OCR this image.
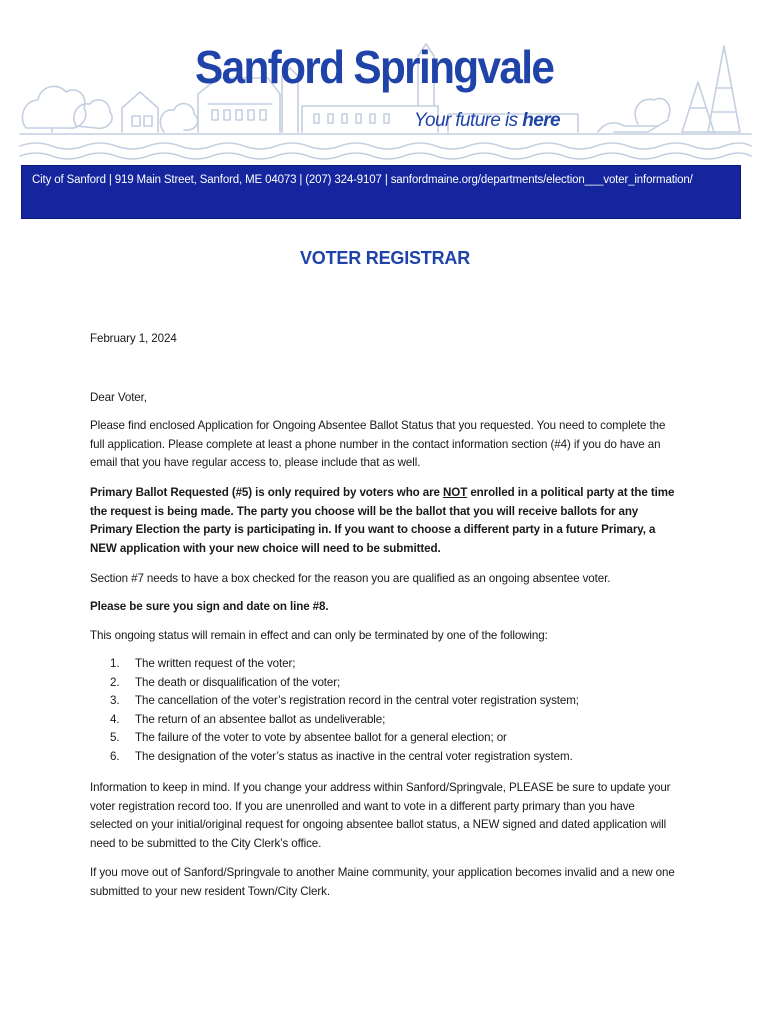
Sanford Springvale
Your future is here
City of Sanford | 919 Main Street, Sanford, ME 04073 | (207) 324-9107 | sanfordmaine.org/departments/election___voter_information/
VOTER REGISTRAR
February 1, 2024
Dear Voter,

Please find enclosed Application for Ongoing Absentee Ballot Status that you requested. You need to complete the full application. Please complete at least a phone number in the contact information section (#4) if you do have an email that you have regular access to, please include that as well.

Primary Ballot Requested (#5) is only required by voters who are NOT enrolled in a political party at the time the request is being made. The party you choose will be the ballot that you will receive ballots for any Primary Election the party is participating in. If you want to choose a different party in a future Primary, a NEW application with your new choice will need to be submitted.

Section #7 needs to have a box checked for the reason you are qualified as an ongoing absentee voter.

Please be sure you sign and date on line #8.

This ongoing status will remain in effect and can only be terminated by one of the following:

1.	The written request of the voter;
2.	The death or disqualification of the voter;
3.	The cancellation of the voter’s registration record in the central voter registration system;
4.	The return of an absentee ballot as undeliverable;
5.	The failure of the voter to vote by absentee ballot for a general election; or
6.	The designation of the voter’s status as inactive in the central voter registration system.

Information to keep in mind. If you change your address within Sanford/Springvale, PLEASE be sure to update your voter registration record too. If you are unenrolled and want to vote in a different party primary than you have selected on your initial/original request for ongoing absentee ballot status, a NEW signed and dated application will need to be submitted to the City Clerk’s office.

If you move out of Sanford/Springvale to another Maine community, your application becomes invalid and a new one submitted to your new resident Town/City Clerk.
